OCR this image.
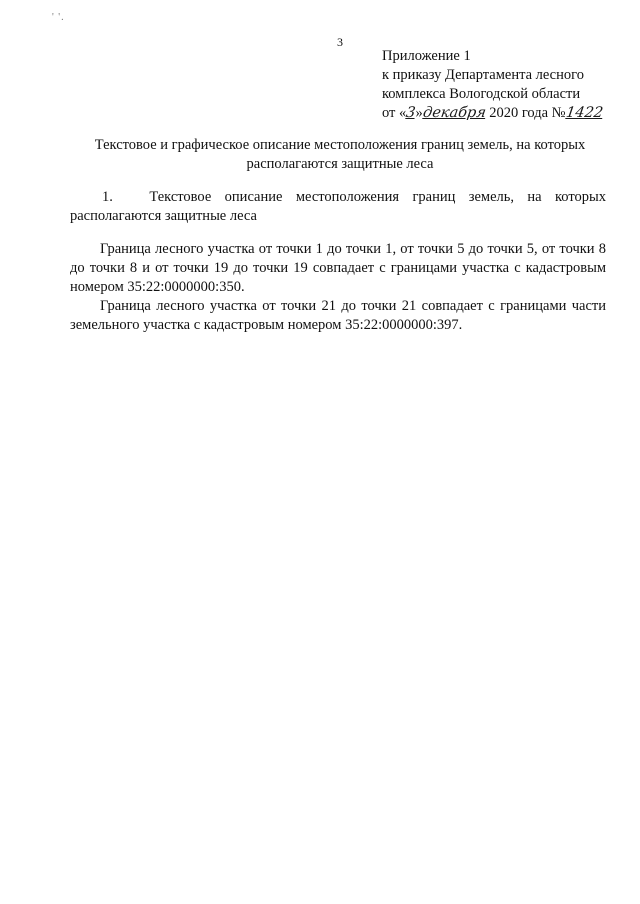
' '.
3
Приложение 1
к приказу Департамента лесного
комплекса Вологодской области
от «3»декабря 2020 года №1422
Текстовое и графическое описание местоположения границ земель, на которых
располагаются защитные леса
1.	Текстовое описание местоположения границ земель, на которых располагаются защитные леса
Граница лесного участка от точки 1 до точки 1, от точки 5 до точки 5, от точки 8 до точки 8 и от точки 19 до точки 19 совпадает с границами участка с кадастровым номером 35:22:0000000:350.
Граница лесного участка от точки 21 до точки 21 совпадает с границами части земельного участка с кадастровым номером 35:22:0000000:397.
